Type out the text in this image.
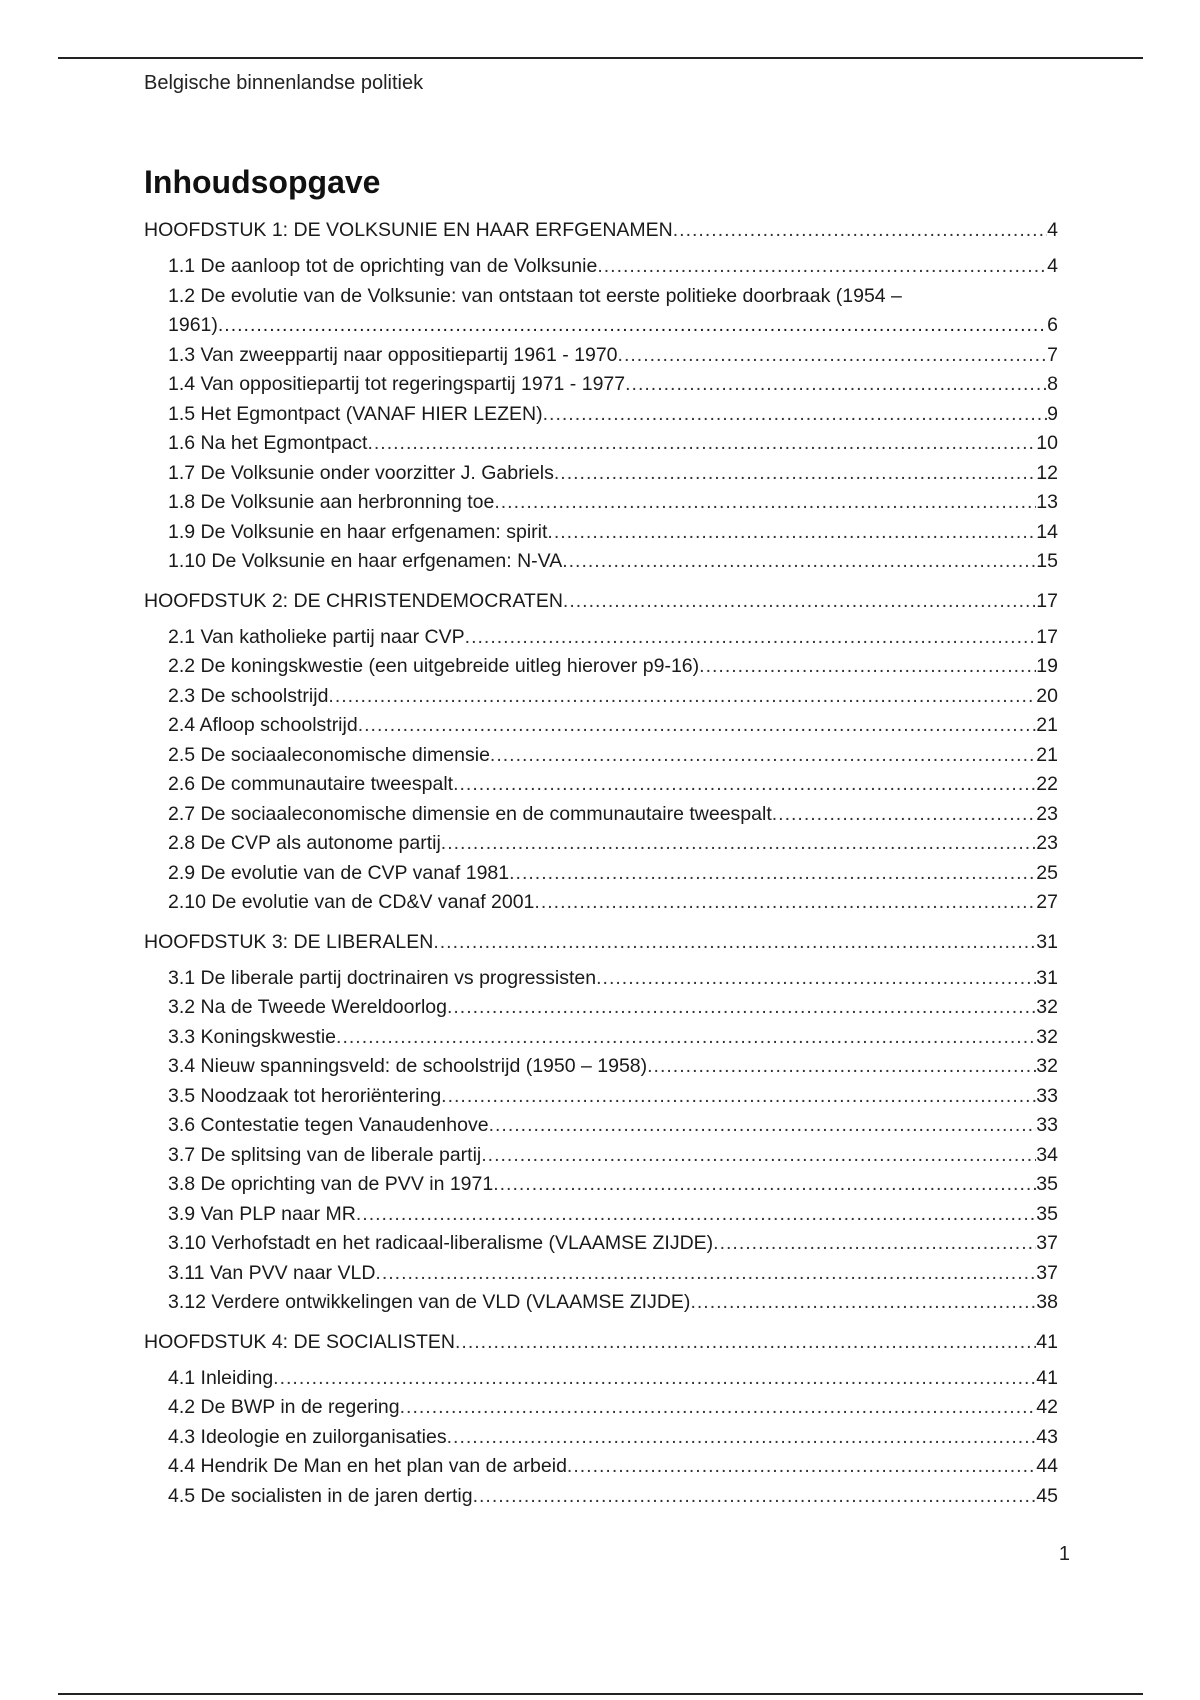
Belgische binnenlandse politiek
Inhoudsopgave
HOOFDSTUK 1: DE VOLKSUNIE EN HAAR ERFGENAMEN .....	4
1.1 De aanloop tot de oprichting van de Volksunie .....	4
1.2 De evolutie van de Volksunie: van ontstaan tot eerste politieke doorbraak (1954 –
1961) .....	6
1.3 Van zweeppartij naar oppositiepartij 1961 - 1970 .....	7
1.4 Van oppositiepartij tot regeringspartij 1971 - 1977 .....	8
1.5 Het Egmontpact (VANAF HIER LEZEN) .....	9
1.6 Na het Egmontpact .....	10
1.7 De Volksunie onder voorzitter J. Gabriels .....	12
1.8 De Volksunie aan herbronning toe .....	13
1.9 De Volksunie en haar erfgenamen: spirit .....	14
1.10 De Volksunie en haar erfgenamen: N-VA .....	15
HOOFDSTUK 2: DE CHRISTENDEMOCRATEN .....	17
2.1 Van katholieke partij naar CVP .....	17
2.2 De koningskwestie (een uitgebreide uitleg hierover p9-16) .....	19
2.3 De schoolstrijd .....	20
2.4 Afloop schoolstrijd .....	21
2.5 De sociaaleconomische dimensie .....	21
2.6 De communautaire tweespalt .....	22
2.7 De sociaaleconomische dimensie en de communautaire tweespalt .....	23
2.8 De CVP als autonome partij .....	23
2.9 De evolutie van de CVP vanaf 1981 .....	25
2.10 De evolutie van de CD&V vanaf 2001 .....	27
HOOFDSTUK 3: DE LIBERALEN .....	31
3.1 De liberale partij doctrinairen vs progressisten .....	31
3.2 Na de Tweede Wereldoorlog .....	32
3.3 Koningskwestie .....	32
3.4 Nieuw spanningsveld: de schoolstrijd (1950 – 1958) .....	32
3.5 Noodzaak tot heroriëntering .....	33
3.6 Contestatie tegen Vanaudenhove .....	33
3.7 De splitsing van de liberale partij .....	34
3.8 De oprichting van de PVV in 1971 .....	35
3.9 Van PLP naar MR .....	35
3.10 Verhofstadt en het radicaal-liberalisme (VLAAMSE ZIJDE) .....	37
3.11 Van PVV naar VLD .....	37
3.12 Verdere ontwikkelingen van de VLD (VLAAMSE ZIJDE) .....	38
HOOFDSTUK 4: DE SOCIALISTEN .....	41
4.1 Inleiding .....	41
4.2 De BWP in de regering .....	42
4.3 Ideologie en zuilorganisaties .....	43
4.4 Hendrik De Man en het plan van de arbeid .....	44
4.5 De socialisten in de jaren dertig .....	45
1
